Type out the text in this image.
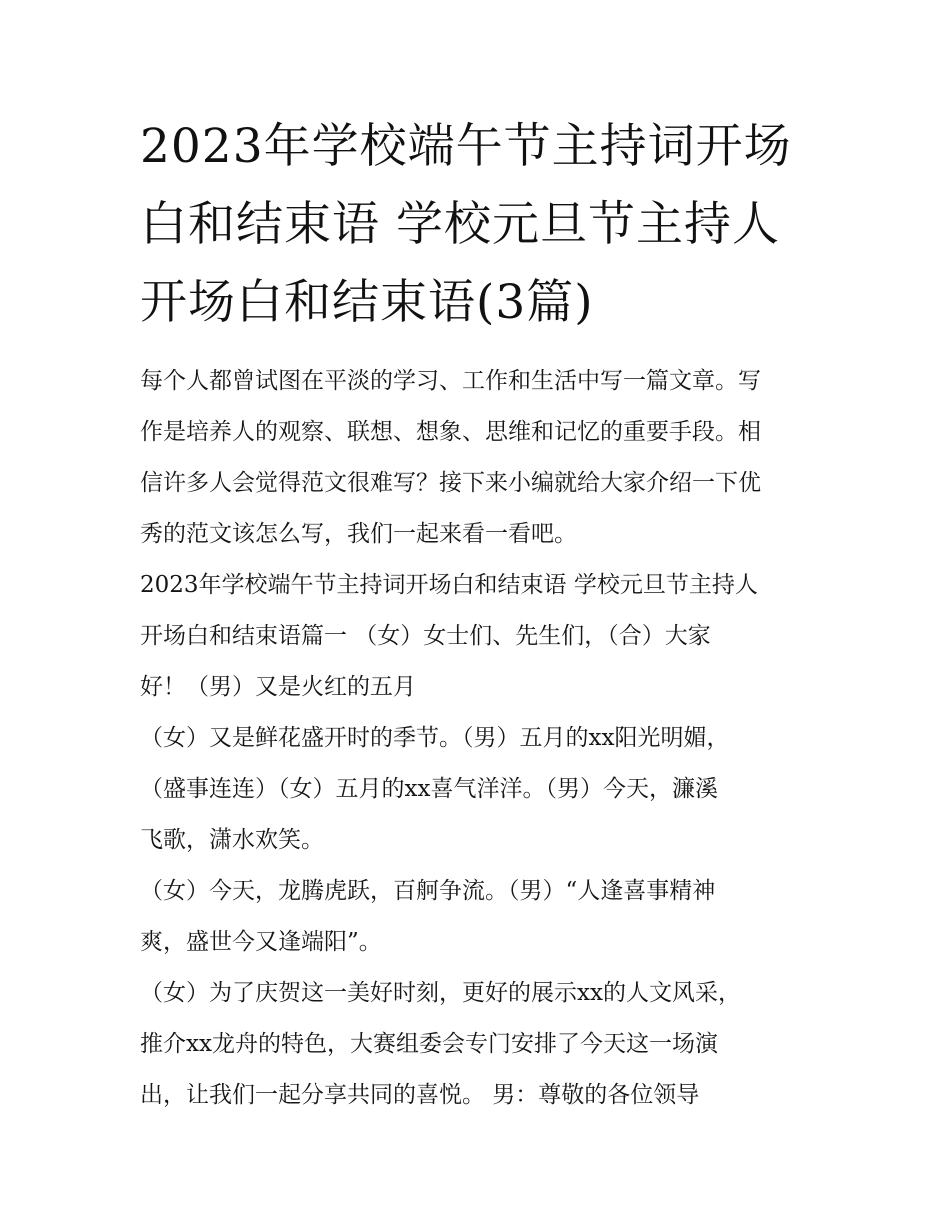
2023年学校端午节主持词开场
白和结束语 学校元旦节主持人
开场白和结束语(3篇)

每个人都曾试图在平淡的学习、工作和生活中写一篇文章。写
作是培养人的观察、联想、想象、思维和记忆的重要手段。相
信许多人会觉得范文很难写？接下来小编就给大家介绍一下优
秀的范文该怎么写，我们一起来看一看吧。

2023年学校端午节主持词开场白和结束语 学校元旦节主持人
开场白和结束语篇一 （女）女士们、先生们，（合）大家
好！（男）又是火红的五月

（女）又是鲜花盛开时的季节。（男）五月的xx阳光明媚，
（盛事连连）（女）五月的xx喜气洋洋。（男）今天，濂溪
飞歌，潇水欢笑。

（女）今天，龙腾虎跃，百舸争流。（男）“人逢喜事精神
爽，盛世今又逢端阳”。

（女）为了庆贺这一美好时刻，更好的展示xx的人文风采，
推介xx龙舟的特色，大赛组委会专门安排了今天这一场演
出，让我们一起分享共同的喜悦。 男：尊敬的各位领导
